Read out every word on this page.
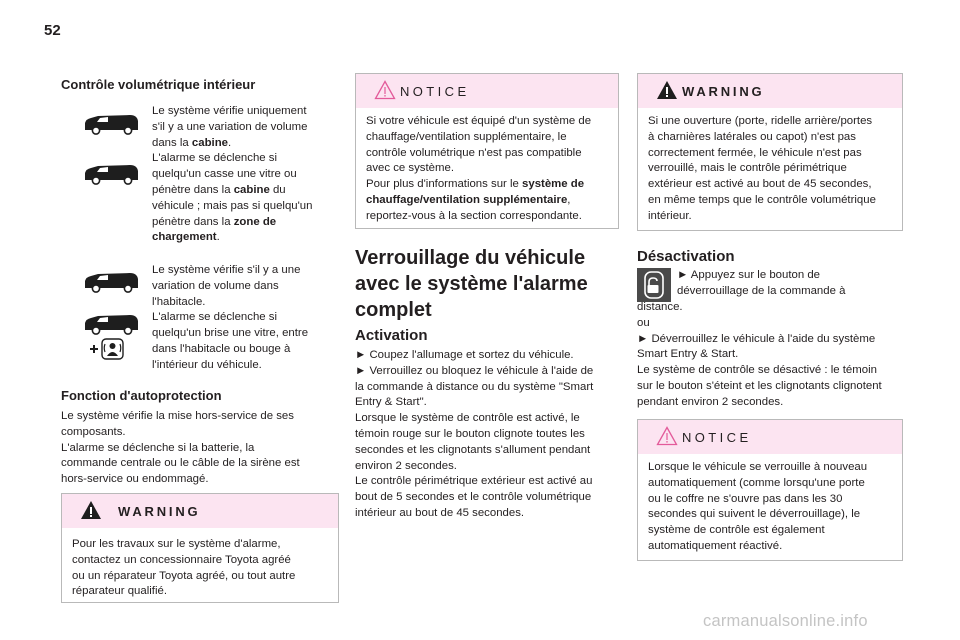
52
Contrôle volumétrique intérieur
Le système vérifie uniquement
s'il y a une variation de volume
dans la cabine.
L'alarme se déclenche si
quelqu'un casse une vitre ou
pénètre dans la cabine du
véhicule ; mais pas si quelqu'un
pénètre dans la zone de
chargement.
Le système vérifie s'il y a une
variation de volume dans
l'habitacle.
L'alarme se déclenche si
quelqu'un brise une vitre, entre
dans l'habitacle ou bouge à
l'intérieur du véhicule.
Fonction d'autoprotection
Le système vérifie la mise hors-service de ses
composants.
L'alarme se déclenche si la batterie, la
commande centrale ou le câble de la sirène est
hors-service ou endommagé.
WARNING
Pour les travaux sur le système d'alarme,
contactez un concessionnaire Toyota agréé
ou un réparateur Toyota agréé, ou tout autre
réparateur qualifié.
NOTICE
Si votre véhicule est équipé d'un système de
chauffage/ventilation supplémentaire, le
contrôle volumétrique n'est pas compatible
avec ce système.
Pour plus d'informations sur le système de
chauffage/ventilation supplémentaire,
reportez-vous à la section correspondante.
Verrouillage du véhicule
avec le système l'alarme
complet
Activation
► Coupez l'allumage et sortez du véhicule.
► Verrouillez ou bloquez le véhicule à l'aide de
la commande à distance ou du système "Smart
Entry & Start".
Lorsque le système de contrôle est activé, le
témoin rouge sur le bouton clignote toutes les
secondes et les clignotants s'allument pendant
environ 2 secondes.
Le contrôle périmétrique extérieur est activé au
bout de 5 secondes et le contrôle volumétrique
intérieur au bout de 45 secondes.
WARNING
Si une ouverture (porte, ridelle arrière/portes
à charnières latérales ou capot) n'est pas
correctement fermée, le véhicule n'est pas
verrouillé, mais le contrôle périmétrique
extérieur est activé au bout de 45 secondes,
en même temps que le contrôle volumétrique
intérieur.
Désactivation
► Appuyez sur le bouton de
déverrouillage de la commande à
distance.
ou
► Déverrouillez le véhicule à l'aide du système
Smart Entry & Start.
Le système de contrôle se désactivé : le témoin
sur le bouton s'éteint et les clignotants clignotent
pendant environ 2 secondes.
NOTICE
Lorsque le véhicule se verrouille à nouveau
automatiquement (comme lorsqu'une porte
ou le coffre ne s'ouvre pas dans les 30
secondes qui suivent le déverrouillage), le
système de contrôle est également
automatiquement réactivé.
carmanualsonline.info
